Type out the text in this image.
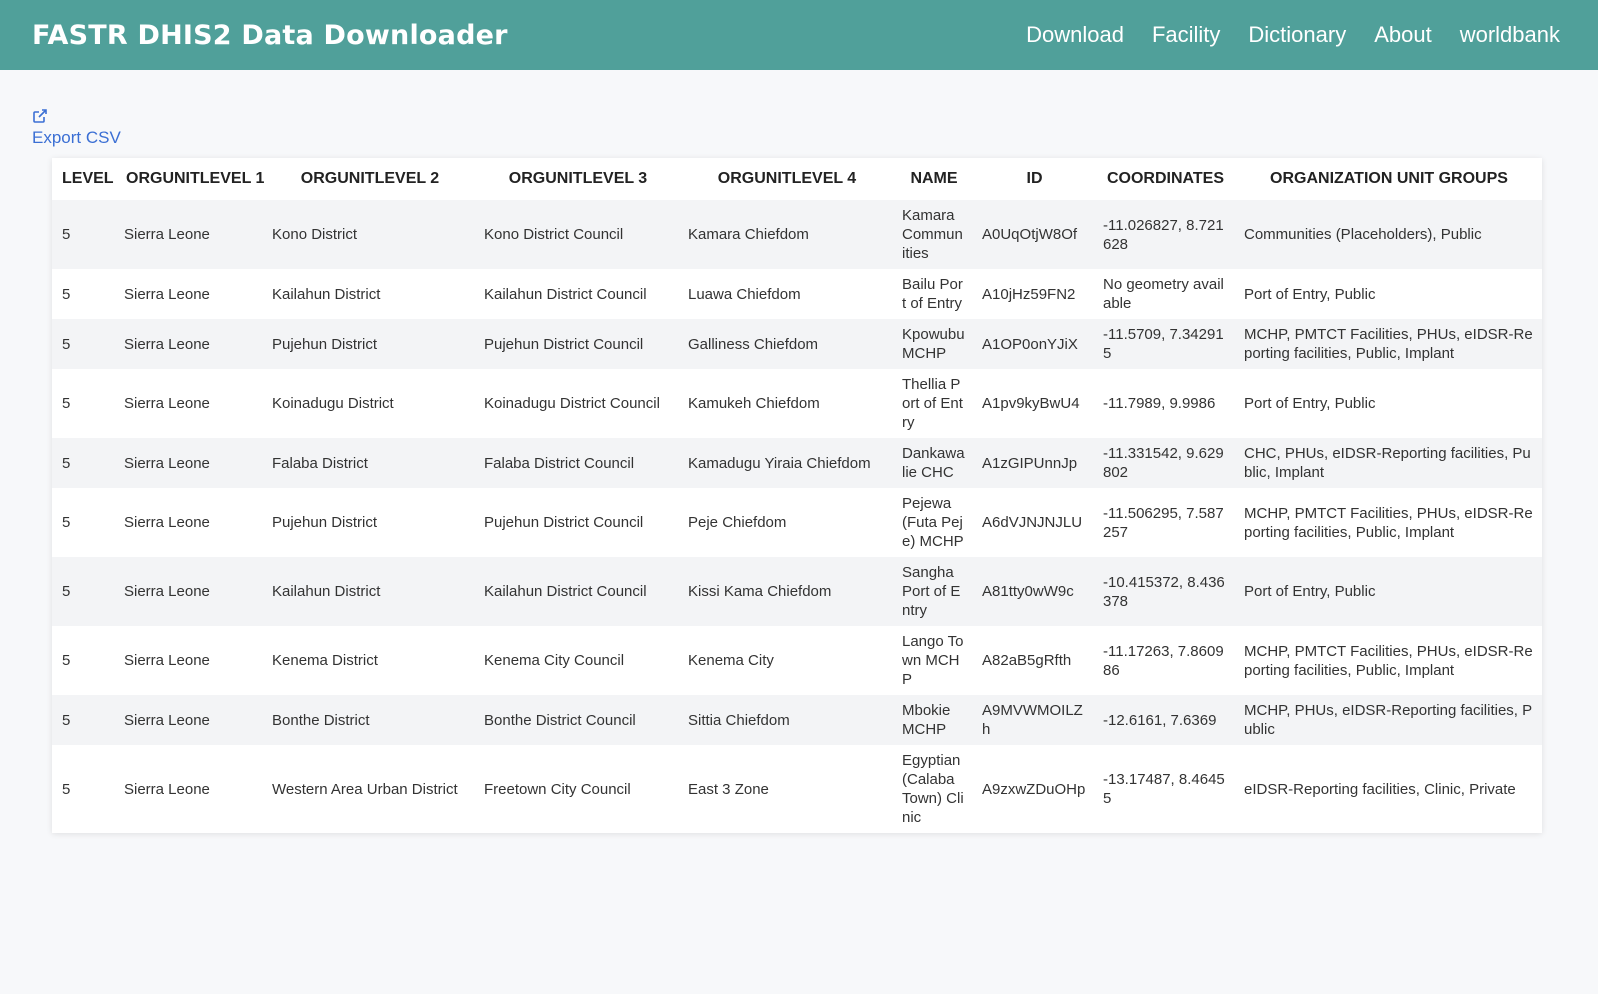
FASTR DHIS2 Data Downloader	Download Facility Dictionary About worldbank
Export CSV
LEVEL	ORGUNITLEVEL 1	ORGUNITLEVEL 2	ORGUNITLEVEL 3	ORGUNITLEVEL 4	NAME	ID	COORDINATES	ORGANIZATION UNIT GROUPS
5	Sierra Leone	Kono District	Kono District Council	Kamara Chiefdom	Kamara Communities	A0UqOtjW8Of	-11.026827, 8.721628	Communities (Placeholders), Public
5	Sierra Leone	Kailahun District	Kailahun District Council	Luawa Chiefdom	Bailu Port of Entry	A10jHz59FN2	No geometry available	Port of Entry, Public
5	Sierra Leone	Pujehun District	Pujehun District Council	Galliness Chiefdom	Kpowubu MCHP	A1OP0onYJiX	-11.5709, 7.342915	MCHP, PMTCT Facilities, PHUs, eIDSR-Reporting facilities, Public, Implant
5	Sierra Leone	Koinadugu District	Koinadugu District Council	Kamukeh Chiefdom	Thellia Port of Entry	A1pv9kyBwU4	-11.7989, 9.9986	Port of Entry, Public
5	Sierra Leone	Falaba District	Falaba District Council	Kamadugu Yiraia Chiefdom	Dankawalie CHC	A1zGIPUnnJp	-11.331542, 9.629802	CHC, PHUs, eIDSR-Reporting facilities, Public, Implant
5	Sierra Leone	Pujehun District	Pujehun District Council	Peje Chiefdom	Pejewa (Futa Peje) MCHP	A6dVJNJNJLU	-11.506295, 7.587257	MCHP, PMTCT Facilities, PHUs, eIDSR-Reporting facilities, Public, Implant
5	Sierra Leone	Kailahun District	Kailahun District Council	Kissi Kama Chiefdom	Sangha Port of Entry	A81tty0wW9c	-10.415372, 8.436378	Port of Entry, Public
5	Sierra Leone	Kenema District	Kenema City Council	Kenema City	Lango Town MCHP	A82aB5gRfth	-11.17263, 7.860986	MCHP, PMTCT Facilities, PHUs, eIDSR-Reporting facilities, Public, Implant
5	Sierra Leone	Bonthe District	Bonthe District Council	Sittia Chiefdom	Mbokie MCHP	A9MVWMOILZh	-12.6161, 7.6369	MCHP, PHUs, eIDSR-Reporting facilities, Public
5	Sierra Leone	Western Area Urban District	Freetown City Council	East 3 Zone	Egyptian (Calaba Town) Clinic	A9zxwZDuOHp	-13.17487, 8.46455	eIDSR-Reporting facilities, Clinic, Private
